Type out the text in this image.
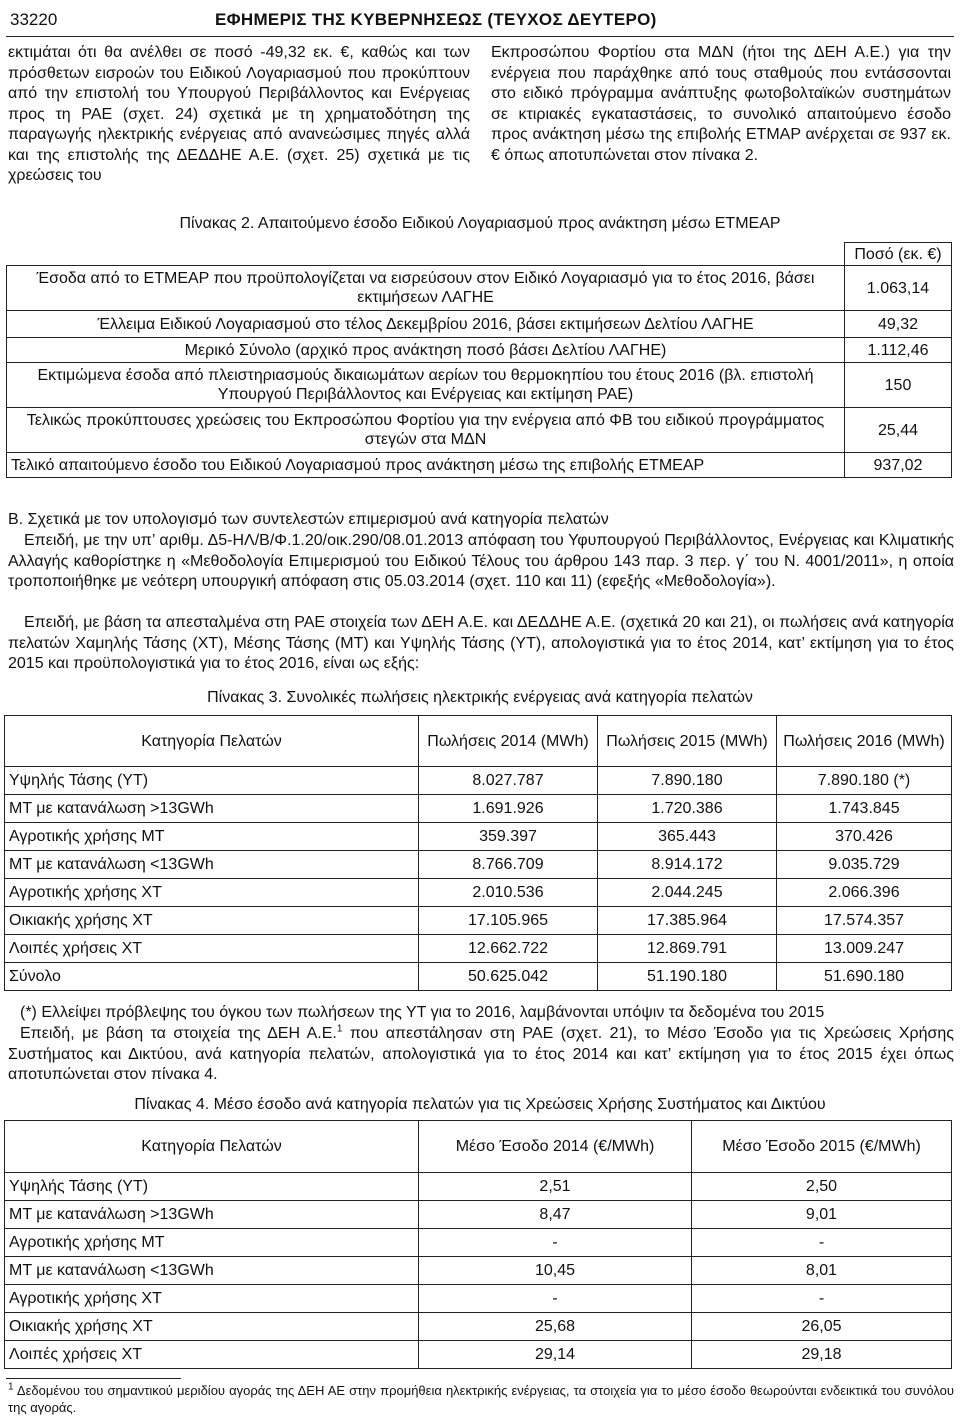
33220	ΕΦΗΜΕΡΙΣ ΤΗΣ ΚΥΒΕΡΝΗΣΕΩΣ (ΤΕΥΧΟΣ ΔΕΥΤΕΡΟ)
εκτιμάται ότι θα ανέλθει σε ποσό -49,32 εκ. €, καθώς και των πρόσθετων εισροών του Ειδικού Λογαριασμού που προκύπτουν από την επιστολή του Υπουργού Περιβάλλοντος και Ενέργειας προς τη ΡΑΕ (σχετ. 24) σχετικά με τη χρηματοδότηση της παραγωγής ηλεκτρικής ενέργειας από ανανεώσιμες πηγές αλλά και της επιστολής της ΔΕΔΔΗΕ Α.Ε. (σχετ. 25) σχετικά με τις χρεώσεις του
Εκπροσώπου Φορτίου στα ΜΔΝ (ήτοι της ΔΕΗ Α.Ε.) για την ενέργεια που παράχθηκε από τους σταθμούς που εντάσσονται στο ειδικό πρόγραμμα ανάπτυξης φωτοβολταϊκών συστημάτων σε κτιριακές εγκαταστάσεις, το συνολικό απαιτούμενο έσοδο προς ανάκτηση μέσω της επιβολής ΕΤΜΑΡ ανέρχεται σε 937 εκ. € όπως αποτυπώνεται στον πίνακα 2.
Πίνακας 2. Απαιτούμενο έσοδο Ειδικού Λογαριασμού προς ανάκτηση μέσω ΕΤΜΕΑΡ
	Ποσό (εκ. €)
Έσοδα από το ΕΤΜΕΑΡ που προϋπολογίζεται να εισρεύσουν στον Ειδικό Λογαριασμό για το έτος 2016, βάσει εκτιμήσεων ΛΑΓΗΕ	1.063,14
Έλλειμα Ειδικού Λογαριασμού στο τέλος Δεκεμβρίου 2016, βάσει εκτιμήσεων Δελτίου ΛΑΓΗΕ	49,32
Μερικό Σύνολο (αρχικό προς ανάκτηση ποσό βάσει Δελτίου ΛΑΓΗΕ)	1.112,46
Εκτιμώμενα έσοδα από πλειστηριασμούς δικαιωμάτων αερίων του θερμοκηπίου του έτους 2016 (βλ. επιστολή Υπουργού Περιβάλλοντος και Ενέργειας και εκτίμηση ΡΑΕ)	150
Τελικώς προκύπτουσες χρεώσεις του Εκπροσώπου Φορτίου για την ενέργεια από ΦΒ του ειδικού προγράμματος στεγών στα ΜΔΝ	25,44
Τελικό απαιτούμενο έσοδο του Ειδικού Λογαριασμού προς ανάκτηση μέσω της επιβολής ΕΤΜΕΑΡ	937,02
Β. Σχετικά με τον υπολογισμό των συντελεστών επιμερισμού ανά κατηγορία πελατών
Επειδή, με την υπ’ αριθμ. Δ5-ΗΛ/Β/Φ.1.20/οικ.290/08.01.2013 απόφαση του Υφυπουργού Περιβάλλοντος, Ενέργειας και Κλιματικής Αλλαγής καθορίστηκε η «Μεθοδολογία Επιμερισμού του Ειδικού Τέλους του άρθρου 143 παρ. 3 περ. γ΄ του Ν. 4001/2011», η οποία τροποποιήθηκε με νεότερη υπουργική απόφαση στις 05.03.2014 (σχετ. 110 και 11) (εφεξής «Μεθοδολογία»).
Επειδή, με βάση τα απεσταλμένα στη ΡΑΕ στοιχεία των ΔΕΗ Α.Ε. και ΔΕΔΔΗΕ Α.Ε. (σχετικά 20 και 21), οι πωλήσεις ανά κατηγορία πελατών Χαμηλής Τάσης (ΧΤ), Μέσης Τάσης (ΜΤ) και Υψηλής Τάσης (ΥΤ), απολογιστικά για το έτος 2014, κατ’ εκτίμηση για το έτος 2015 και προϋπολογιστικά για το έτος 2016, είναι ως εξής:
Πίνακας 3. Συνολικές πωλήσεις ηλεκτρικής ενέργειας ανά κατηγορία πελατών
Κατηγορία Πελατών	Πωλήσεις 2014 (MWh)	Πωλήσεις 2015 (MWh)	Πωλήσεις 2016 (MWh)
Υψηλής Τάσης (ΥΤ)	8.027.787	7.890.180	7.890.180 (*)
ΜΤ με κατανάλωση >13GWh	1.691.926	1.720.386	1.743.845
Αγροτικής χρήσης ΜΤ	359.397	365.443	370.426
ΜΤ με κατανάλωση <13GWh	8.766.709	8.914.172	9.035.729
Αγροτικής χρήσης ΧΤ	2.010.536	2.044.245	2.066.396
Οικιακής χρήσης ΧΤ	17.105.965	17.385.964	17.574.357
Λοιπές χρήσεις ΧΤ	12.662.722	12.869.791	13.009.247
Σύνολο	50.625.042	51.190.180	51.690.180
(*) Ελλείψει πρόβλεψης του όγκου των πωλήσεων της ΥΤ για το 2016, λαμβάνονται υπόψιν τα δεδομένα του 2015
Επειδή, με βάση τα στοιχεία της ΔΕΗ Α.Ε.$^1$ που απεστάλησαν στη ΡΑΕ (σχετ. 21), το Μέσο Έσοδο για τις Χρεώσεις Χρήσης Συστήματος και Δικτύου, ανά κατηγορία πελατών, απολογιστικά για το έτος 2014 και κατ’ εκτίμηση για το έτος 2015 έχει όπως αποτυπώνεται στον πίνακα 4.
Πίνακας 4. Μέσο έσοδο ανά κατηγορία πελατών για τις Χρεώσεις Χρήσης Συστήματος και Δικτύου
Κατηγορία Πελατών	Μέσο Έσοδο 2014 (€/MWh)	Μέσο Έσοδο 2015 (€/MWh)
Υψηλής Τάσης (ΥΤ)	2,51	2,50
ΜΤ με κατανάλωση >13GWh	8,47	9,01
Αγροτικής χρήσης ΜΤ	-	-
ΜΤ με κατανάλωση <13GWh	10,45	8,01
Αγροτικής χρήσης ΧΤ	-	-
Οικιακής χρήσης ΧΤ	25,68	26,05
Λοιπές χρήσεις ΧΤ	29,14	29,18
$^1$ Δεδομένου του σημαντικού μεριδίου αγοράς της ΔΕΗ ΑΕ στην προμήθεια ηλεκτρικής ενέργειας, τα στοιχεία για το μέσο έσοδο θεωρούνται ενδεικτικά του συνόλου της αγοράς.
